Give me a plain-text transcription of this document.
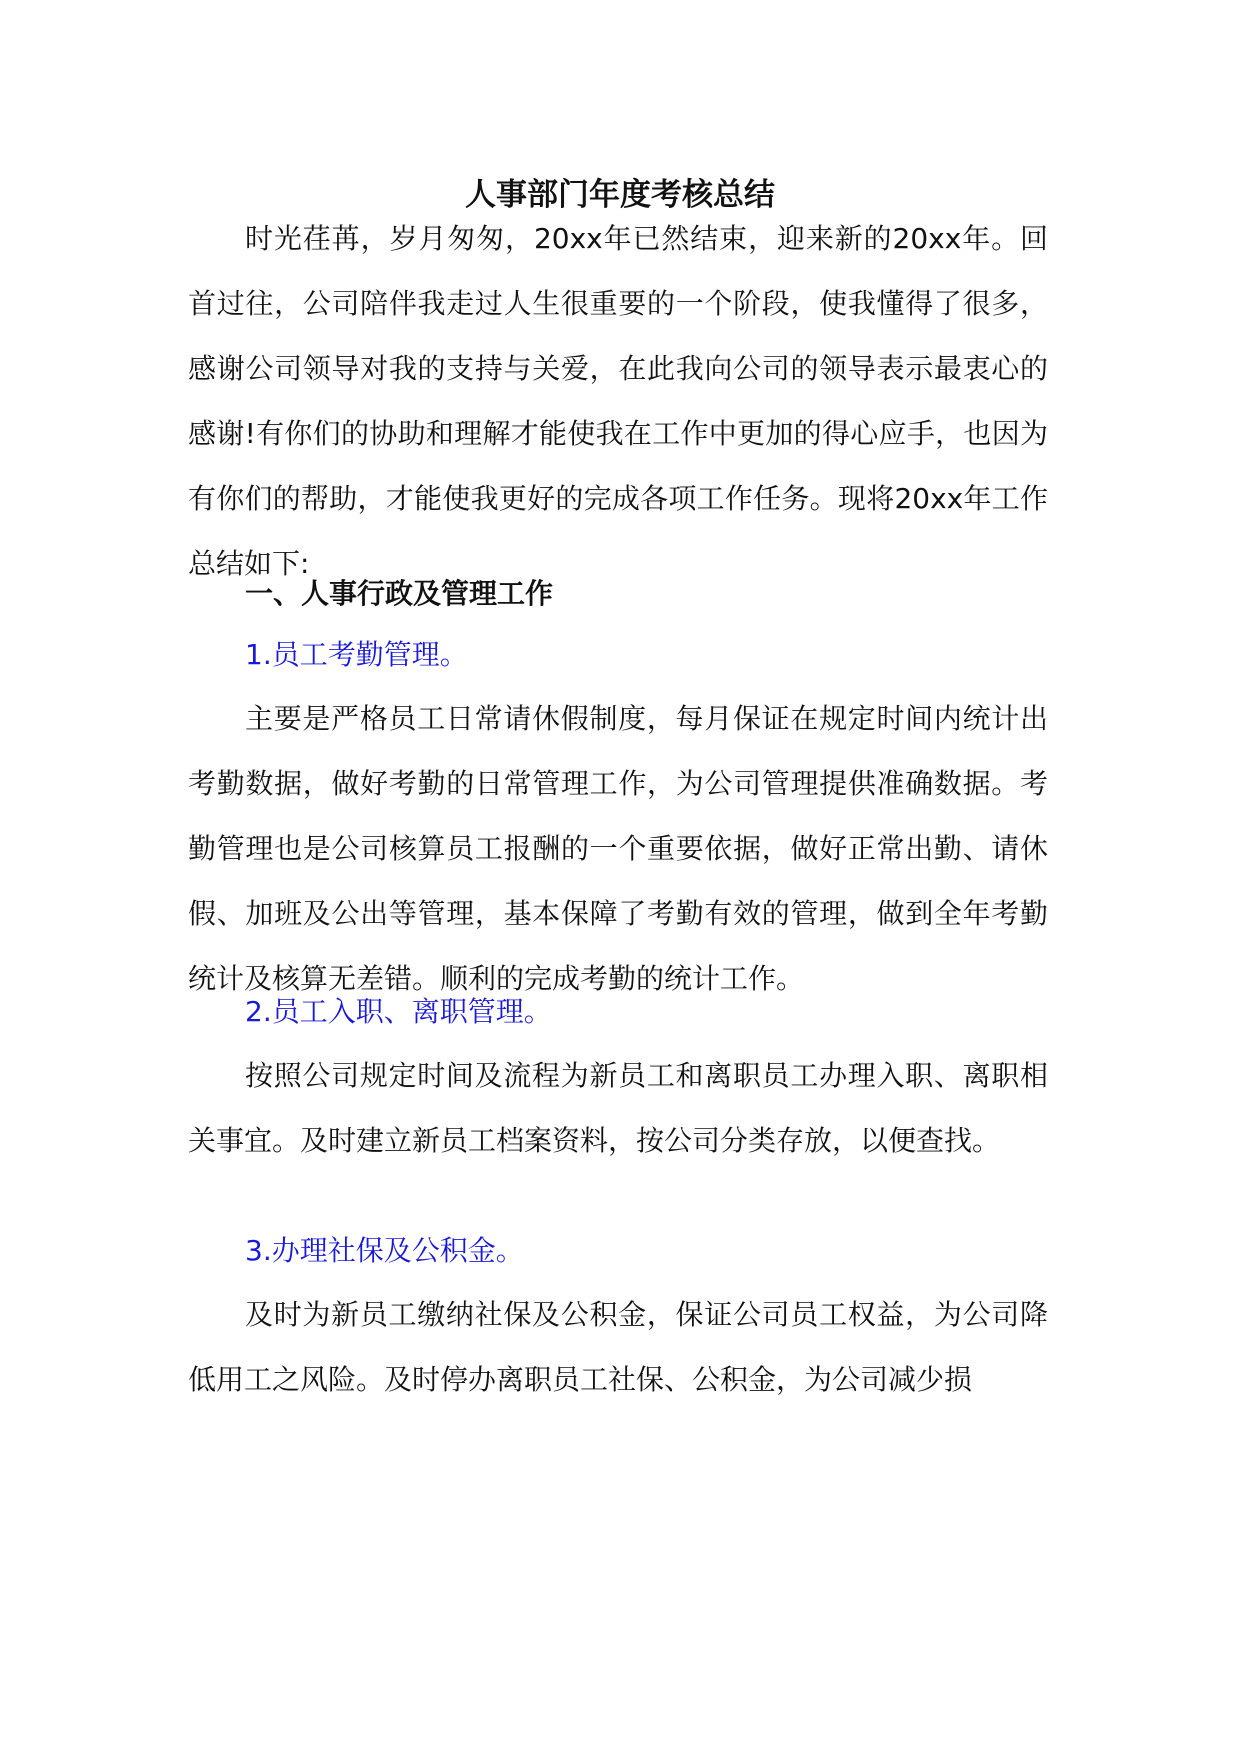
人事部门年度考核总结

时光荏苒，岁月匆匆，20xx年已然结束，迎来新的20xx年。回首过往，公司陪伴我走过人生很重要的一个阶段，使我懂得了很多，感谢公司领导对我的支持与关爱，在此我向公司的领导表示最衷心的感谢!有你们的协助和理解才能使我在工作中更加的得心应手，也因为有你们的帮助，才能使我更好的完成各项工作任务。现将20xx年工作总结如下:

一、人事行政及管理工作
1.员工考勤管理。

主要是严格员工日常请休假制度，每月保证在规定时间内统计出考勤数据，做好考勤的日常管理工作，为公司管理提供准确数据。考勤管理也是公司核算员工报酬的一个重要依据，做好正常出勤、请休假、加班及公出等管理，基本保障了考勤有效的管理，做到全年考勤统计及核算无差错。顺利的完成考勤的统计工作。

2.员工入职、离职管理。

按照公司规定时间及流程为新员工和离职员工办理入职、离职相关事宜。及时建立新员工档案资料，按公司分类存放，以便查找。

3.办理社保及公积金。

及时为新员工缴纳社保及公积金，保证公司员工权益，为公司降低用工之风险。及时停办离职员工社保、公积金，为公司减少损
